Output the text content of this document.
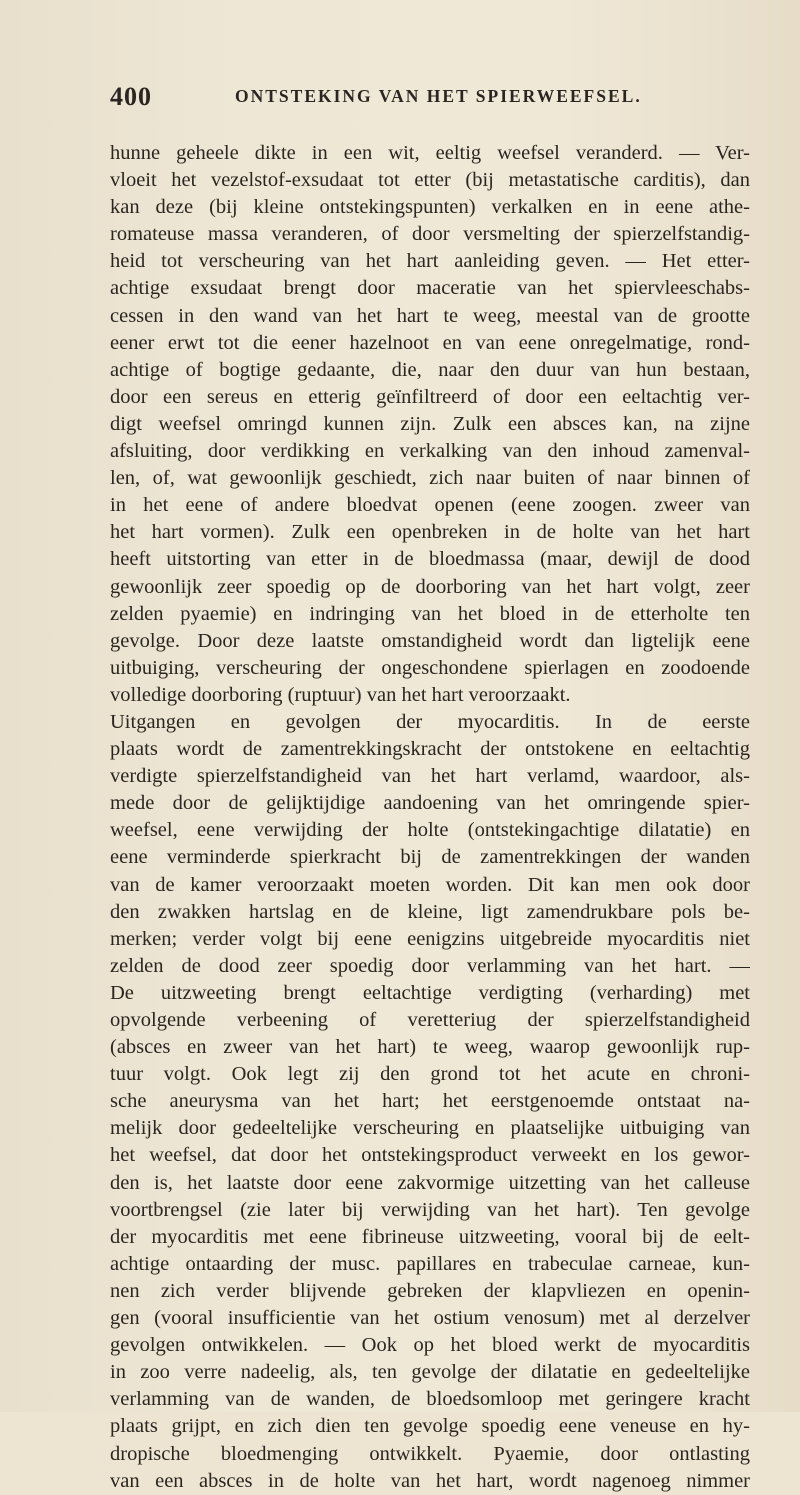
400	ONTSTEKING VAN HET SPIERWEEFSEL.
hunne geheele dikte in een wit, eeltig weefsel veranderd. — Ver-
vloeit het vezelstof-exsudaat tot etter (bij metastatische carditis), dan
kan deze (bij kleine ontstekingspunten) verkalken en in eene athe-
romateuse massa veranderen, of door versmelting der spierzelfstandig-
heid tot verscheuring van het hart aanleiding geven. — Het etter-
achtige exsudaat brengt door maceratie van het spiervleeschabs-
cessen in den wand van het hart te weeg, meestal van de grootte
eener erwt tot die eener hazelnoot en van eene onregelmatige, rond-
achtige of bogtige gedaante, die, naar den duur van hun bestaan,
door een sereus en etterig geïnfiltreerd of door een eeltachtig ver-
digt weefsel omringd kunnen zijn. Zulk een absces kan, na zijne
afsluiting, door verdikking en verkalking van den inhoud zamenval-
len, of, wat gewoonlijk geschiedt, zich naar buiten of naar binnen of
in het eene of andere bloedvat openen (eene zoogen. zweer van
het hart vormen). Zulk een openbreken in de holte van het hart
heeft uitstorting van etter in de bloedmassa (maar, dewijl de dood
gewoonlijk zeer spoedig op de doorboring van het hart volgt, zeer
zelden pyaemie) en indringing van het bloed in de etterholte ten
gevolge. Door deze laatste omstandigheid wordt dan ligtelijk eene
uitbuiging, verscheuring der ongeschondene spierlagen en zoodoende
volledige doorboring (ruptuur) van het hart veroorzaakt.
Uitgangen en gevolgen der myocarditis. In de eerste
plaats wordt de zamentrekkingskracht der ontstokene en eeltachtig
verdigte spierzelfstandigheid van het hart verlamd, waardoor, als-
mede door de gelijktijdige aandoening van het omringende spier-
weefsel, eene verwijding der holte (ontstekingachtige dilatatie) en
eene verminderde spierkracht bij de zamentrekkingen der wanden
van de kamer veroorzaakt moeten worden. Dit kan men ook door
den zwakken hartslag en de kleine, ligt zamendrukbare pols be-
merken; verder volgt bij eene eenigzins uitgebreide myocarditis niet
zelden de dood zeer spoedig door verlamming van het hart. —
De uitzweeting brengt eeltachtige verdigting (verharding) met
opvolgende verbeening of veretteriug der spierzelfstandigheid
(absces en zweer van het hart) te weeg, waarop gewoonlijk rup-
tuur volgt. Ook legt zij den grond tot het acute en chroni-
sche aneurysma van het hart; het eerstgenoemde ontstaat na-
melijk door gedeeltelijke verscheuring en plaatselijke uitbuiging van
het weefsel, dat door het ontstekingsproduct verweekt en los gewor-
den is, het laatste door eene zakvormige uitzetting van het calleuse
voortbrengsel (zie later bij verwijding van het hart). Ten gevolge
der myocarditis met eene fibrineuse uitzweeting, vooral bij de eelt-
achtige ontaarding der musc. papillares en trabeculae carneae, kun-
nen zich verder blijvende gebreken der klapvliezen en openin-
gen (vooral insufficientie van het ostium venosum) met al derzelver
gevolgen ontwikkelen. — Ook op het bloed werkt de myocarditis
in zoo verre nadeelig, als, ten gevolge der dilatatie en gedeeltelijke
verlamming van de wanden, de bloedsomloop met geringere kracht
plaats grijpt, en zich dien ten gevolge spoedig eene veneuse en hy-
dropische bloedmenging ontwikkelt. Pyaemie, door ontlasting
van een absces in de holte van het hart, wordt nagenoeg nimmer
